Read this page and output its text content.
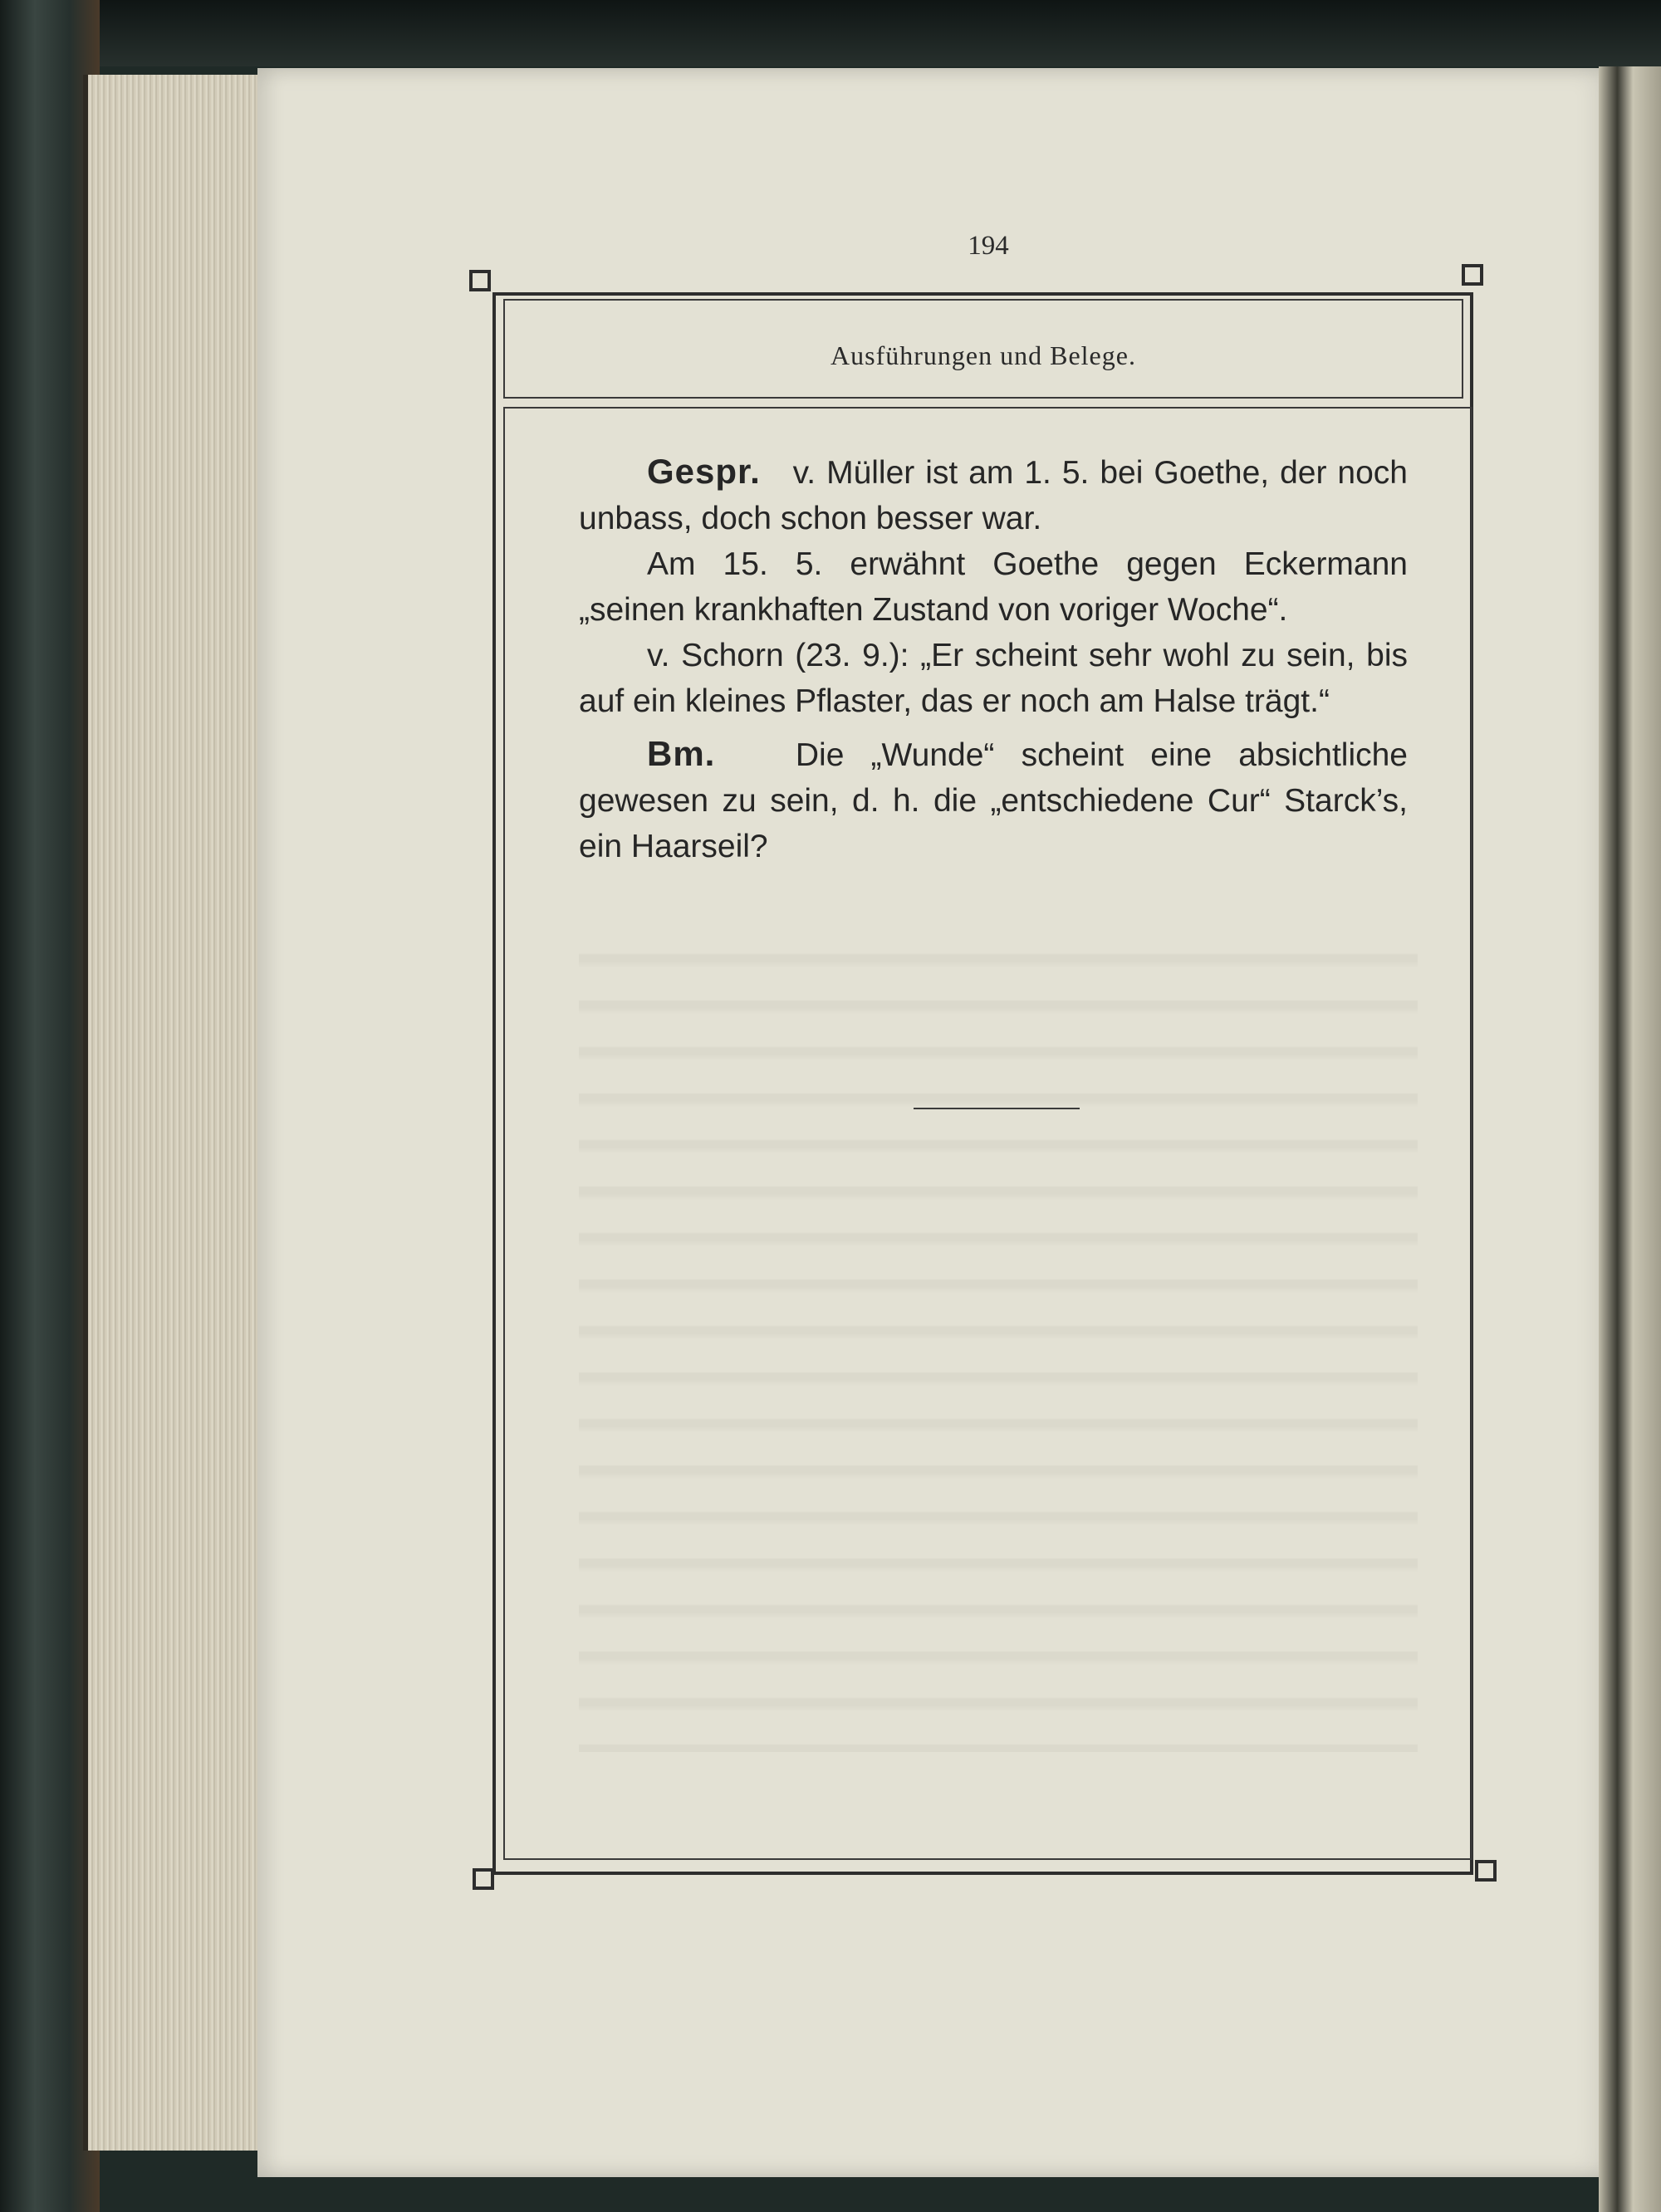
194
Ausführungen und Belege.

Gespr. v. Müller ist am 1. 5. bei Goethe, der noch unbass, doch schon besser war.

Am 15. 5. erwähnt Goethe gegen Eckermann „seinen krankhaften Zustand von voriger Woche“.

v. Schorn (23. 9.): „Er scheint sehr wohl zu sein, bis auf ein kleines Pflaster, das er noch am Halse trägt.“

Bm. Die „Wunde“ scheint eine absichtliche gewesen zu sein, d. h. die „entschiedene Cur“ Starck’s, ein Haarseil?
